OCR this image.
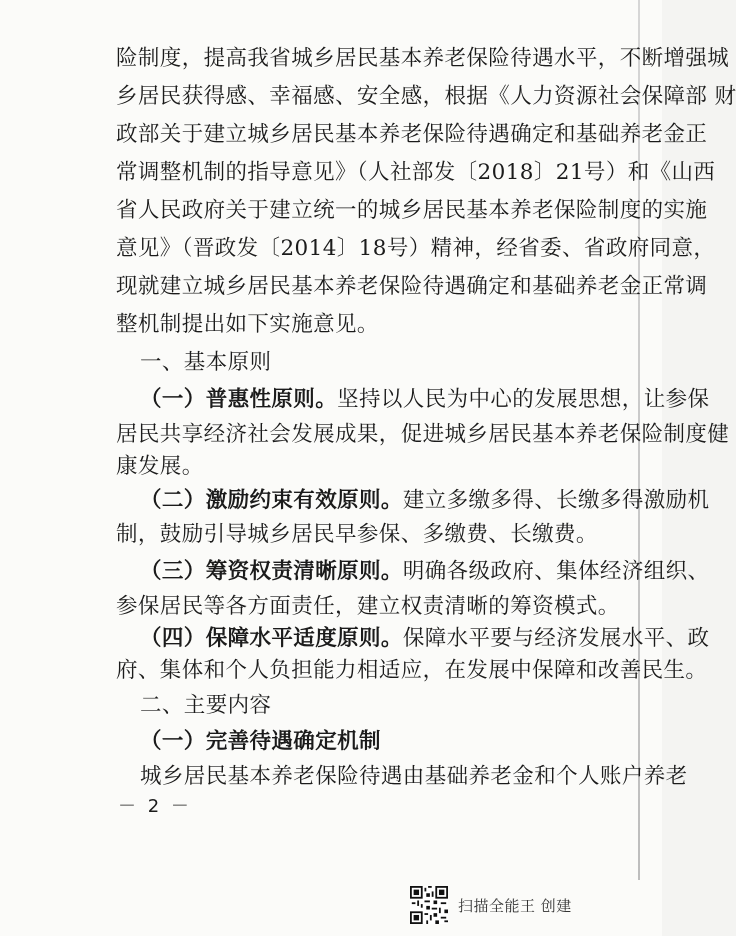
险制度，提高我省城乡居民基本养老保险待遇水平，不断增强城
乡居民获得感、幸福感、安全感，根据《人力资源社会保障部 财
政部关于建立城乡居民基本养老保险待遇确定和基础养老金正
常调整机制的指导意见》（人社部发〔2018〕21号）和《山西
省人民政府关于建立统一的城乡居民基本养老保险制度的实施
意见》（晋政发〔2014〕18号）精神，经省委、省政府同意，
现就建立城乡居民基本养老保险待遇确定和基础养老金正常调
整机制提出如下实施意见。
一、基本原则
（一）普惠性原则。坚持以人民为中心的发展思想，让参保
居民共享经济社会发展成果，促进城乡居民基本养老保险制度健
康发展。
（二）激励约束有效原则。建立多缴多得、长缴多得激励机
制，鼓励引导城乡居民早参保、多缴费、长缴费。
（三）筹资权责清晰原则。明确各级政府、集体经济组织、
参保居民等各方面责任，建立权责清晰的筹资模式。
（四）保障水平适度原则。保障水平要与经济发展水平、政
府、集体和个人负担能力相适应，在发展中保障和改善民生。
二、主要内容
（一）完善待遇确定机制
城乡居民基本养老保险待遇由基础养老金和个人账户养老
－ 2 －
扫描全能王 创建
